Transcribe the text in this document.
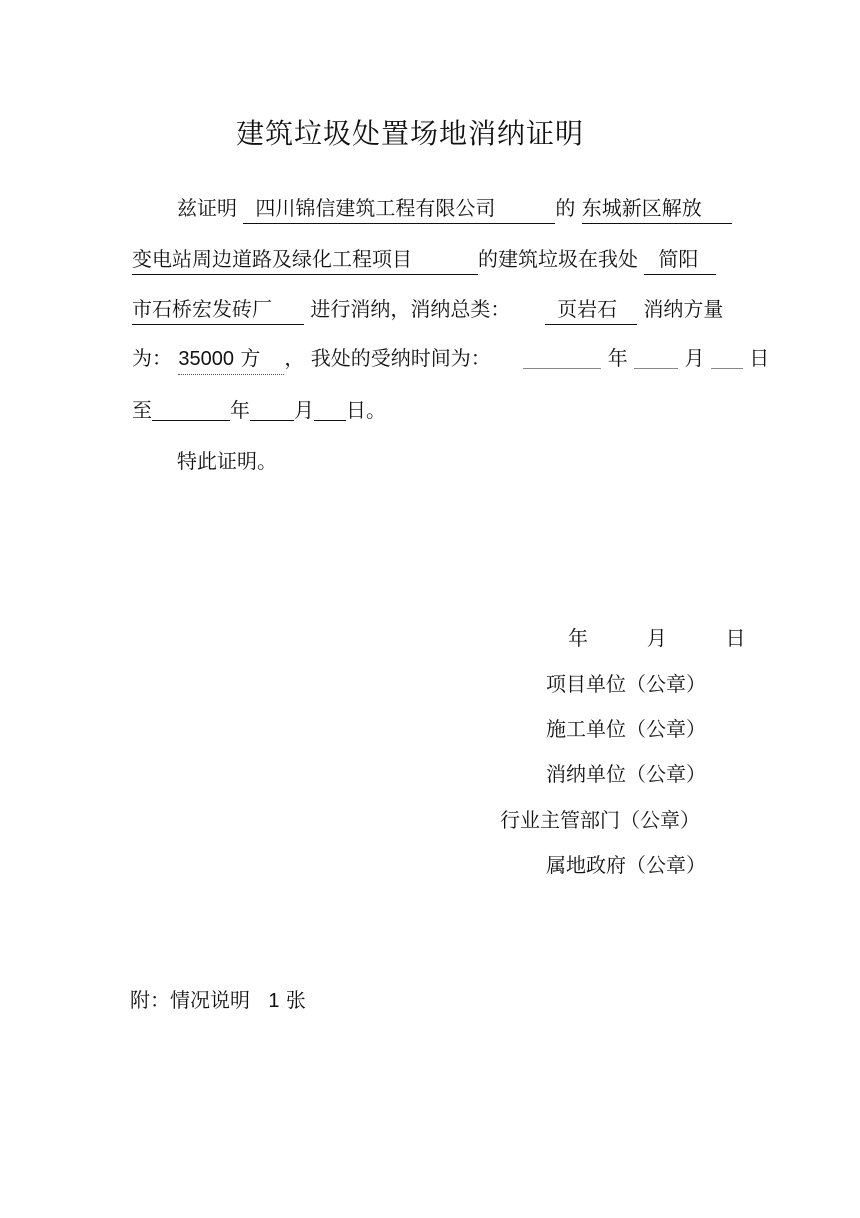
建筑垃圾处置场地消纳证明
兹证明 四川锦信建筑工程有限公司	的 东城新区解放
变电站周边道路及绿化工程项目	的建筑垃圾在我处 简阳
市石桥宏发砖厂 进行消纳，消纳总类： 页岩石 消纳方量
为： 35000 方 ， 我处的受纳时间为：	年	月 日
至	年 月 日。
特此证明。
年	月	日
项目单位（公章）
施工单位（公章）
消纳单位（公章）
行业主管部门（公章）
属地政府（公章）
附：情况说明 1 张
